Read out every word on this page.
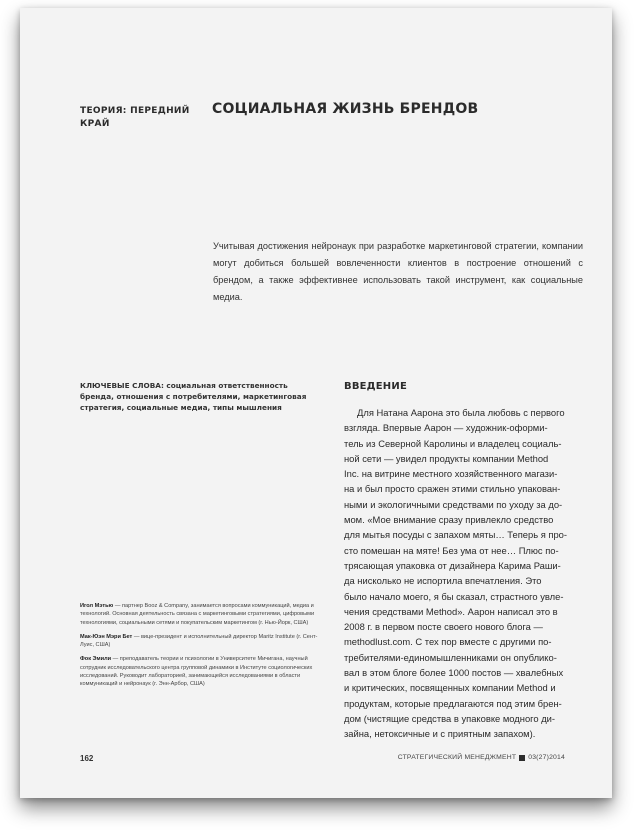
ТЕОРИЯ: ПЕРЕДНИЙ КРАЙ
СОЦИАЛЬНАЯ ЖИЗНЬ БРЕНДОВ
Учитывая достижения нейронаук при разработке маркетинговой стратегии, компании могут добиться большей вовлеченности клиентов в построение отношений с брендом, а также эффективнее использовать такой инструмент, как социальные медиа.
КЛЮЧЕВЫЕ СЛОВА: социальная ответственность бренда, отношения с потребителями, маркетинговая стратегия, социальные медиа, типы мышления
Игол Мэтью — партнер Booz & Company, занимается вопросами коммуникаций, медиа и технологий. Основная деятельность связана с маркетинговыми стратегиями, цифровыми технологиями, социальными сетями и покупательским маркетингом (г. Нью-Йорк, США)
Мак-Юэн Мэри Бет — вице-президент и исполнительный директор Maritz Institute (г. Сент-Луис, США)
Фок Эмили — преподаватель теории и психологии в Университете Мичигана, научный сотрудник исследовательского центра групповой динамики в Институте социологических исследований. Руководит лабораторией, занимающейся исследованиями в области коммуникаций и нейронаук (г. Энн-Арбор, США)
ВВЕДЕНИЕ
Для Натана Аарона это была любовь с первого
взгляда. Впервые Аарон — художник-оформи-
тель из Северной Каролины и владелец социаль-
ной сети — увидел продукты компании Method
Inc. на витрине местного хозяйственного магази-
на и был просто сражен этими стильно упакован-
ными и экологичными средствами по уходу за до-
мом. «Мое внимание сразу привлекло средство
для мытья посуды с запахом мяты… Теперь я про-
сто помешан на мяте! Без ума от нее… Плюс по-
трясающая упаковка от дизайнера Карима Раши-
да нисколько не испортила впечатления. Это
было начало моего, я бы сказал, страстного увле-
чения средствами Method». Аарон написал это в
2008 г. в первом посте своего нового блога —
methodlust.com. С тех пор вместе с другими по-
требителями-единомышленниками он опублико-
вал в этом блоге более 1000 постов — хвалебных
и критических, посвященных компании Method и
продуктам, которые предлагаются под этим брен-
дом (чистящие средства в упаковке модного ди-
зайна, нетоксичные и с приятным запахом).
162	СТРАТЕГИЧЕСКИЙ МЕНЕДЖМЕНТ 03(27)2014
